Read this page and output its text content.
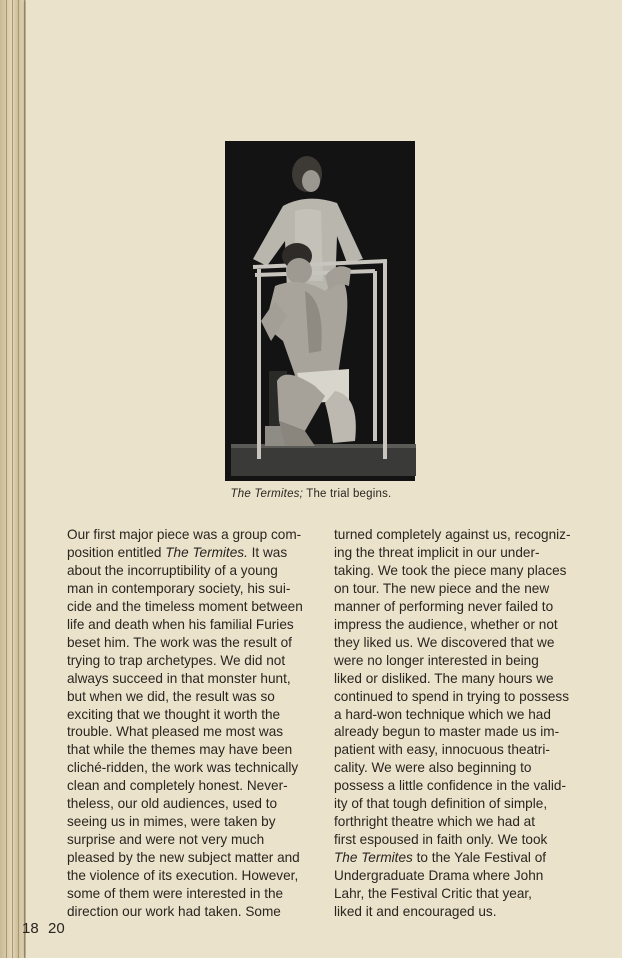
The Termites; The trial begins.
Our first major piece was a group com-
position entitled The Termites. It was
about the incorruptibility of a young
man in contemporary society, his sui-
cide and the timeless moment between
life and death when his familial Furies
beset him. The work was the result of
trying to trap archetypes. We did not
always succeed in that monster hunt,
but when we did, the result was so
exciting that we thought it worth the
trouble. What pleased me most was
that while the themes may have been
cliché-ridden, the work was technically
clean and completely honest. Never-
theless, our old audiences, used to
seeing us in mimes, were taken by
surprise and were not very much
pleased by the new subject matter and
the violence of its execution. However,
some of them were interested in the
direction our work had taken. Some
turned completely against us, recogniz-
ing the threat implicit in our under-
taking. We took the piece many places
on tour. The new piece and the new
manner of performing never failed to
impress the audience, whether or not
they liked us. We discovered that we
were no longer interested in being
liked or disliked. The many hours we
continued to spend in trying to possess
a hard-won technique which we had
already begun to master made us im-
patient with easy, innocuous theatri-
cality. We were also beginning to
possess a little confidence in the valid-
ity of that tough definition of simple,
forthright theatre which we had at
first espoused in faith only. We took
The Termites to the Yale Festival of
Undergraduate Drama where John
Lahr, the Festival Critic that year,
liked it and encouraged us.
18 20
